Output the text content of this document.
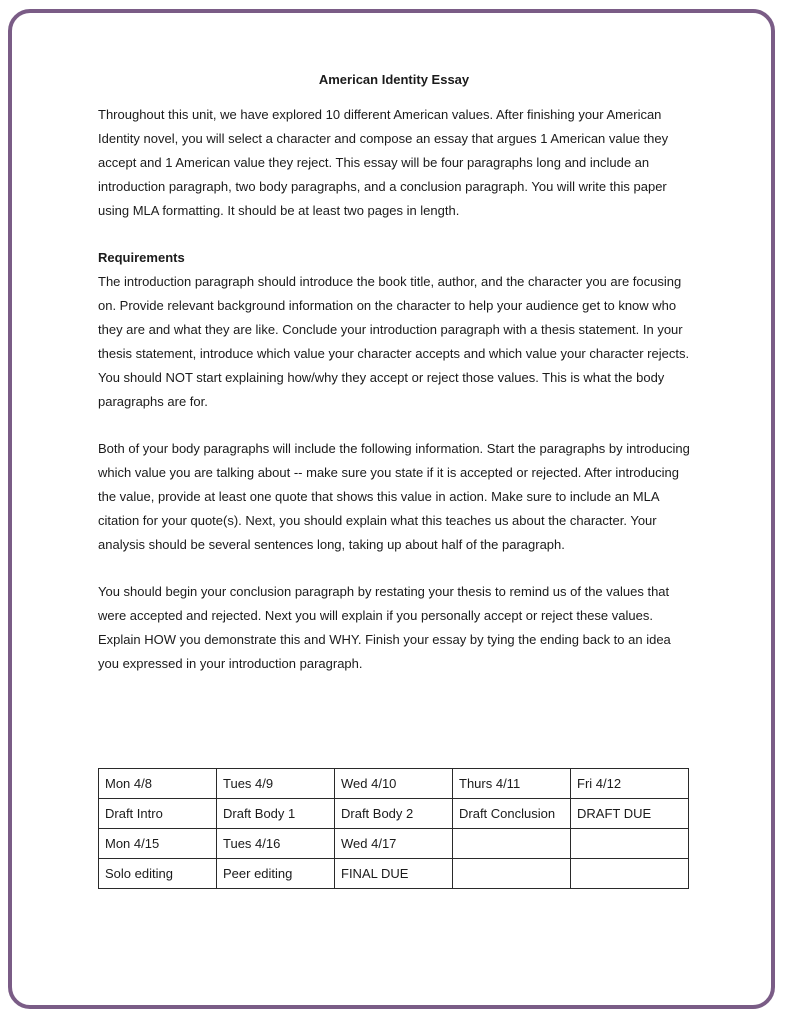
American Identity Essay

Throughout this unit, we have explored 10 different American values. After finishing your American Identity novel, you will select a character and compose an essay that argues 1 American value they accept and 1 American value they reject. This essay will be four paragraphs long and include an introduction paragraph, two body paragraphs, and a conclusion paragraph. You will write this paper using MLA formatting. It should be at least two pages in length.

Requirements

The introduction paragraph should introduce the book title, author, and the character you are focusing on. Provide relevant background information on the character to help your audience get to know who they are and what they are like. Conclude your introduction paragraph with a thesis statement. In your thesis statement, introduce which value your character accepts and which value your character rejects. You should NOT start explaining how/why they accept or reject those values. This is what the body paragraphs are for.

Both of your body paragraphs will include the following information. Start the paragraphs by introducing which value you are talking about -- make sure you state if it is accepted or rejected. After introducing the value, provide at least one quote that shows this value in action. Make sure to include an MLA citation for your quote(s). Next, you should explain what this teaches us about the character. Your analysis should be several sentences long, taking up about half of the paragraph.

You should begin your conclusion paragraph by restating your thesis to remind us of the values that were accepted and rejected. Next you will explain if you personally accept or reject these values. Explain HOW you demonstrate this and WHY. Finish your essay by tying the ending back to an idea you expressed in your introduction paragraph.

Mon 4/8	Tues 4/9	Wed 4/10	Thurs 4/11	Fri 4/12
Draft Intro	Draft Body 1	Draft Body 2	Draft Conclusion	DRAFT DUE
Mon 4/15	Tues 4/16	Wed 4/17		
Solo editing	Peer editing	FINAL DUE		
